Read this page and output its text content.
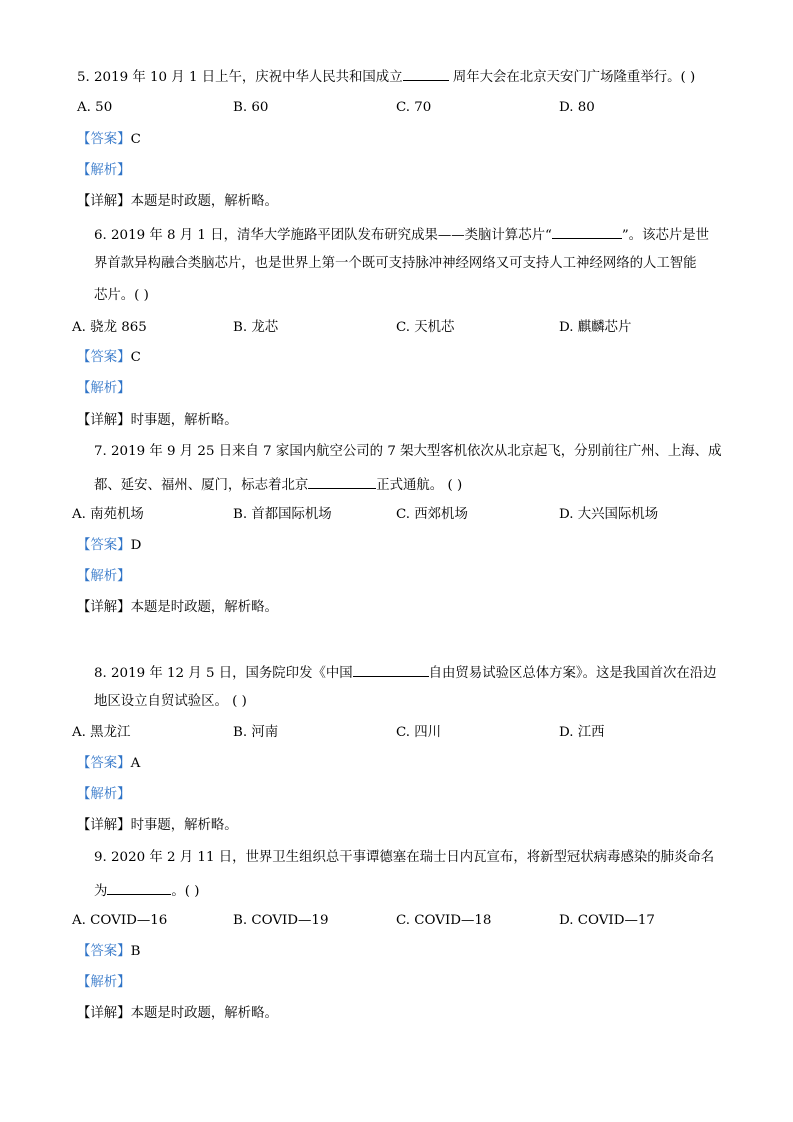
5. 2019 年 10 月 1 日上午，庆祝中华人民共和国成立	周年大会在北京天安门广场隆重举行。( )
A. 50	B. 60	C. 70	D. 80
【答案】C
【解析】
【详解】本题是时政题，解析略。
6. 2019 年 8 月 1 日，清华大学施路平团队发布研究成果——类脑计算芯片“	”。该芯片是世
界首款异构融合类脑芯片，也是世界上第一个既可支持脉冲神经网络又可支持人工神经网络的人工智能
芯片。( )
A. 骁龙 865	B. 龙芯	C. 天机芯	D. 麒麟芯片
【答案】C
【解析】
【详解】时事题，解析略。
7. 2019 年 9 月 25 日来自 7 家国内航空公司的 7 架大型客机依次从北京起飞，分别前往广州、上海、成
都、延安、福州、厦门，标志着北京	正式通航。 ( )
A. 南苑机场	B. 首都国际机场	C. 西郊机场	D. 大兴国际机场
【答案】D
【解析】
【详解】本题是时政题，解析略。
8. 2019 年 12 月 5 日，国务院印发《中国	自由贸易试验区总体方案》。这是我国首次在沿边
地区设立自贸试验区。 ( )
A. 黑龙江	B. 河南	C. 四川	D. 江西
【答案】A
【解析】
【详解】时事题，解析略。
9. 2020 年 2 月 11 日，世界卫生组织总干事谭德塞在瑞士日内瓦宣布，将新型冠状病毒感染的肺炎命名
为	。( )
A. COVID—16	B. COVID—19	C. COVID—18	D. COVID—17
【答案】B
【解析】
【详解】本题是时政题，解析略。
